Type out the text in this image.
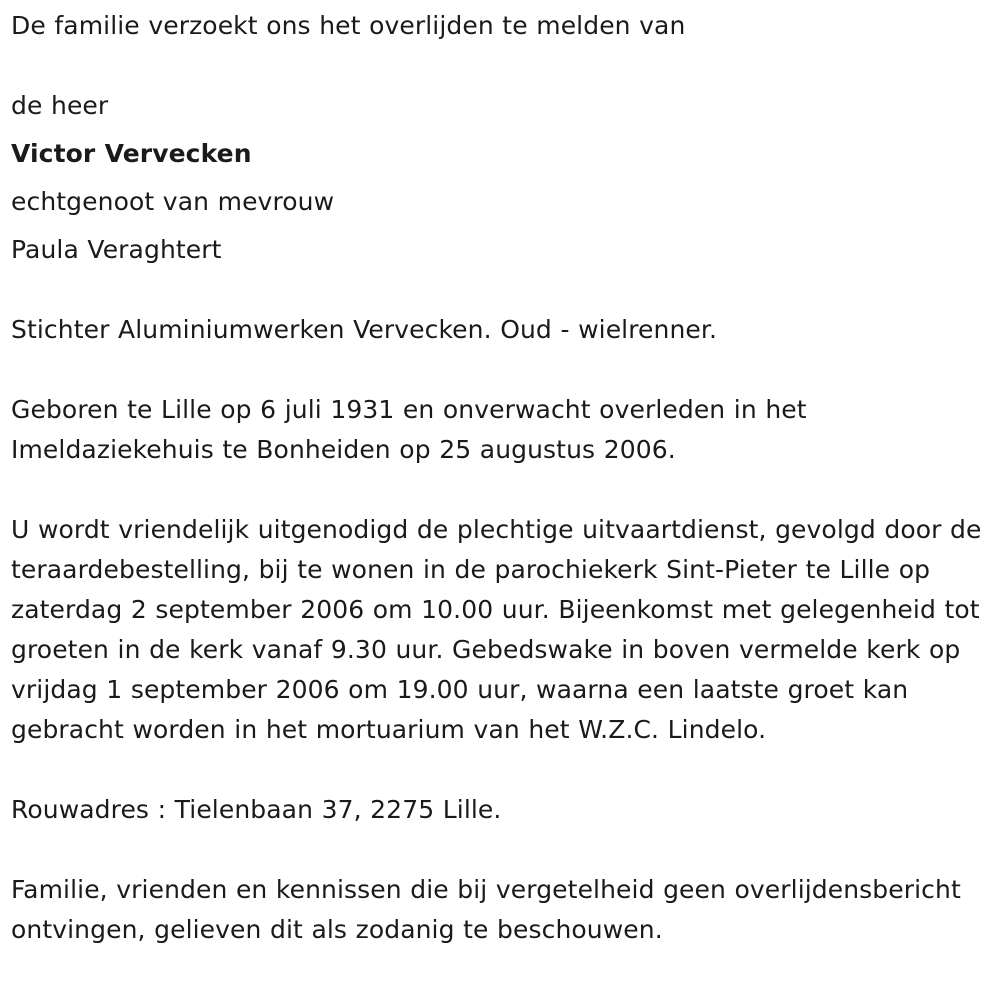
De familie verzoekt ons het overlijden te melden van

de heer

Victor Vervecken

echtgenoot van mevrouw

Paula Veraghtert

Stichter Aluminiumwerken Vervecken. Oud - wielrenner.

Geboren te Lille op 6 juli 1931 en onverwacht overleden in het Imeldaziekehuis te Bonheiden op 25 augustus 2006.

U wordt vriendelijk uitgenodigd de plechtige uitvaartdienst, gevolgd door de teraardebestelling, bij te wonen in de parochiekerk Sint-Pieter te Lille op zaterdag 2 september 2006 om 10.00 uur. Bijeenkomst met gelegenheid tot groeten in de kerk vanaf 9.30 uur. Gebedswake in boven vermelde kerk op vrijdag 1 september 2006 om 19.00 uur, waarna een laatste groet kan gebracht worden in het mortuarium van het W.Z.C. Lindelo.

Rouwadres : Tielenbaan 37, 2275 Lille.

Familie, vrienden en kennissen die bij vergetelheid geen overlijdensbericht ontvingen, gelieven dit als zodanig te beschouwen.
